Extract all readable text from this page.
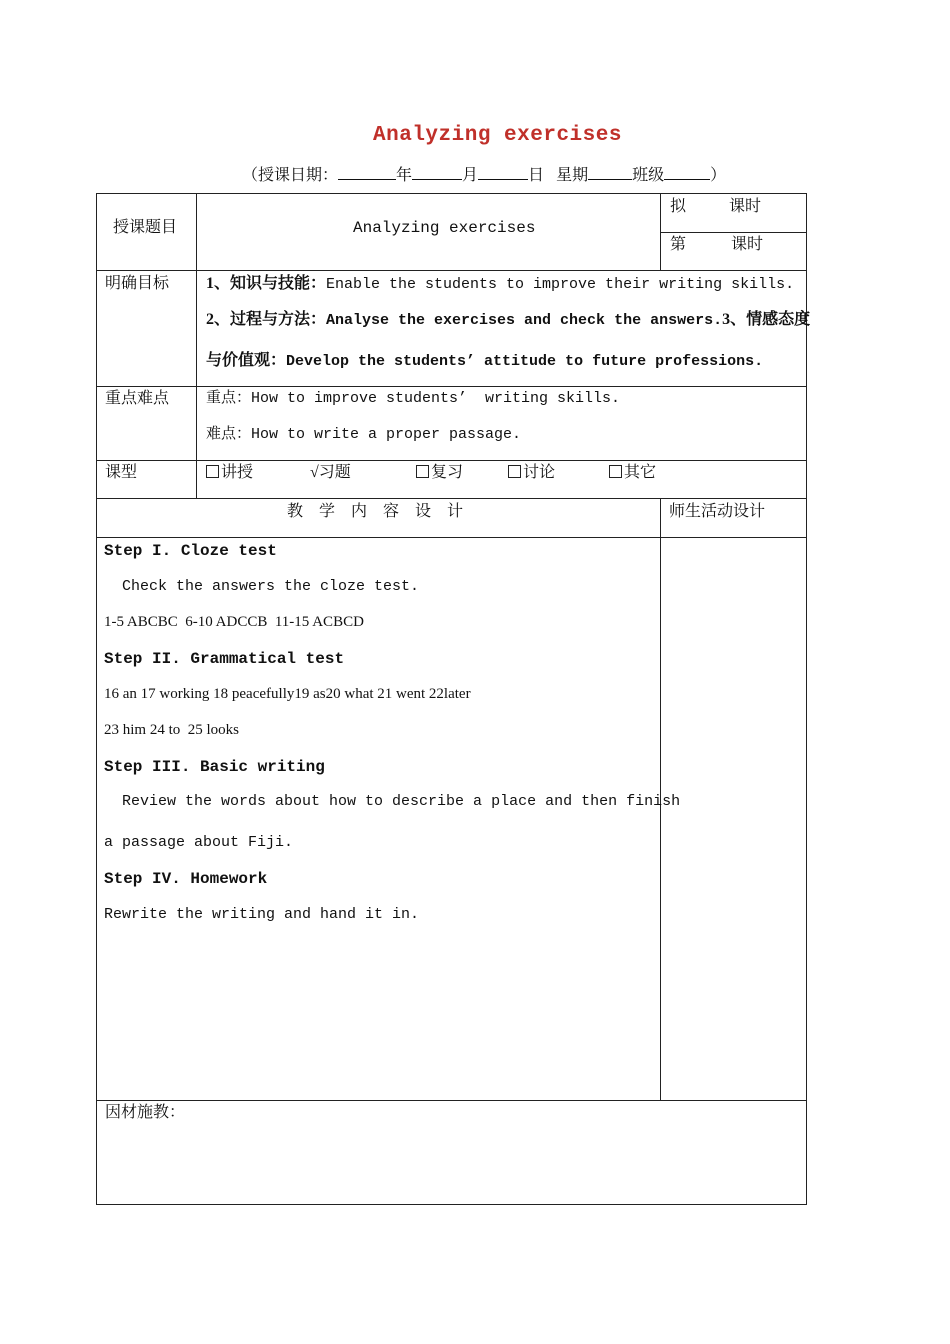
Analyzing exercises
（授课日期：	年	月	日 星期	班级	）
授课题目	Analyzing exercises
拟	课时
第	课时
明确目标 1、知识与技能：Enable the students to improve their writing skills.
2、过程与方法：Analyse the exercises and check the answers.3、情感态度
与价值观：Develop the students’ attitude to future professions.
重点难点 重点：How to improve students’  writing skills.
难点：How to write a proper passage.
课型	讲授	√习题	复习	讨论	其它
教　学　内　容　设　计	师生活动设计
Step I. Cloze test
Check the answers the cloze test.
1-5 ABCBC  6-10 ADCCB  11-15 ACBCD
Step II. Grammatical test
16 an 17 working 18 peacefully19 as20 what 21 went 22later
23 him 24 to  25 looks
Step III. Basic writing
Review the words about how to describe a place and then finish
a passage about Fiji.
Step IV. Homework
Rewrite the writing and hand it in.
因材施教：
